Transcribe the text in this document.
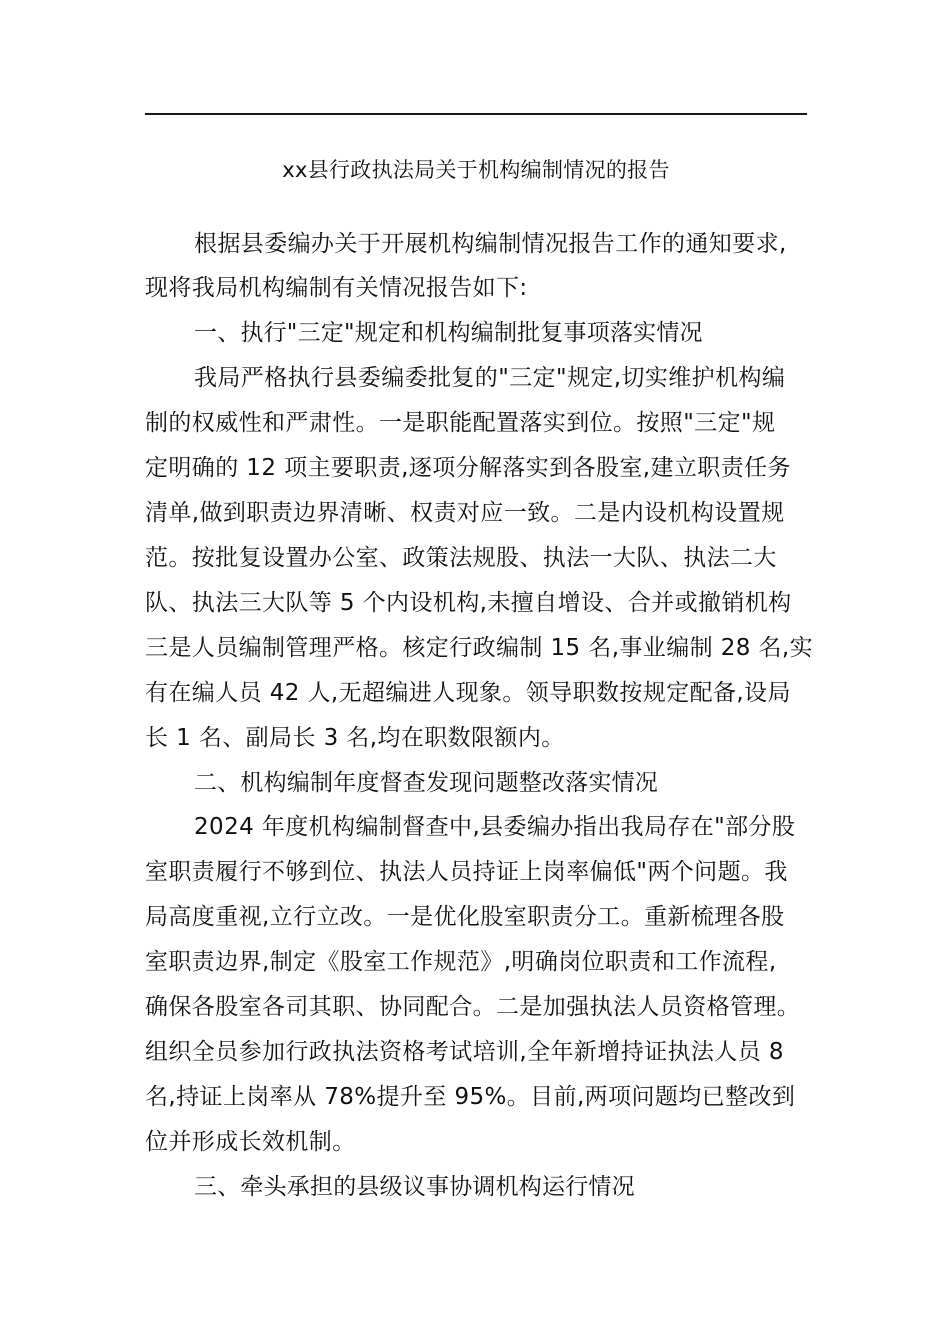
xx县行政执法局关于机构编制情况的报告
根据县委编办关于开展机构编制情况报告工作的通知要求,
现将我局机构编制有关情况报告如下:
一、执行"三定"规定和机构编制批复事项落实情况
我局严格执行县委编委批复的"三定"规定,切实维护机构编
制的权威性和严肃性。一是职能配置落实到位。按照"三定"规
定明确的 12 项主要职责,逐项分解落实到各股室,建立职责任务
清单,做到职责边界清晰、权责对应一致。二是内设机构设置规
范。按批复设置办公室、政策法规股、执法一大队、执法二大
队、执法三大队等 5 个内设机构,未擅自增设、合并或撤销机构
三是人员编制管理严格。核定行政编制 15 名,事业编制 28 名,实
有在编人员 42 人,无超编进人现象。领导职数按规定配备,设局
长 1 名、副局长 3 名,均在职数限额内。
二、机构编制年度督查发现问题整改落实情况
2024 年度机构编制督查中,县委编办指出我局存在"部分股
室职责履行不够到位、执法人员持证上岗率偏低"两个问题。我
局高度重视,立行立改。一是优化股室职责分工。重新梳理各股
室职责边界,制定《股室工作规范》,明确岗位职责和工作流程,
确保各股室各司其职、协同配合。二是加强执法人员资格管理。
组织全员参加行政执法资格考试培训,全年新增持证执法人员 8
名,持证上岗率从 78%提升至 95%。目前,两项问题均已整改到
位并形成长效机制。
三、牵头承担的县级议事协调机构运行情况
